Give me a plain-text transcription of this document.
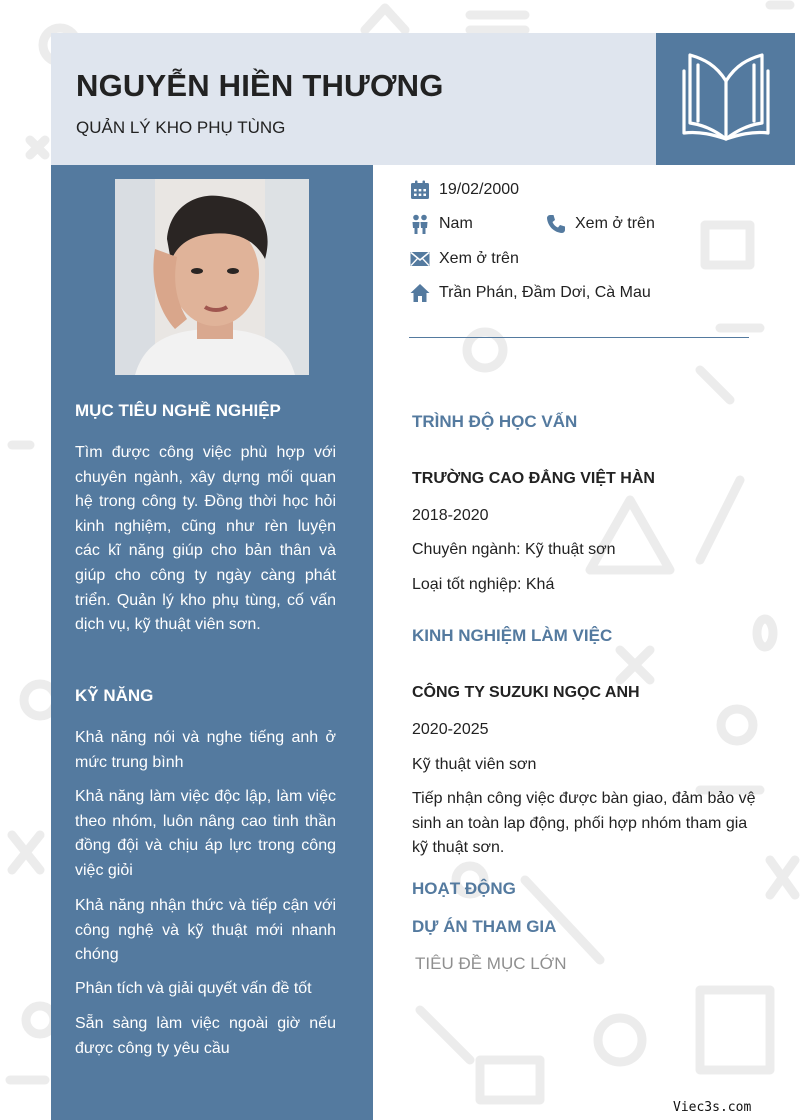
NGUYỄN HIỀN THƯƠNG
QUẢN LÝ KHO PHỤ TÙNG
MỤC TIÊU NGHỀ NGHIỆP
Tìm được công việc phù hợp với chuyên ngành, xây dựng mối quan hệ trong công ty. Đồng thời học hỏi kinh nghiệm, cũng như rèn luyện các kĩ năng giúp cho bản thân và giúp cho công ty ngày càng phát triển. Quản lý kho phụ tùng, cố vấn dịch vụ, kỹ thuật viên sơn.
KỸ NĂNG
Khả năng nói và nghe tiếng anh ở mức trung bình
Khả năng làm việc độc lập, làm việc theo nhóm, luôn nâng cao tinh thần đồng đội và chịu áp lực trong công việc giỏi
Khả năng nhận thức và tiếp cận với công nghệ và kỹ thuật mới nhanh chóng
Phân tích và giải quyết vấn đề tốt
Sẵn sàng làm việc ngoài giờ nếu được công ty yêu cầu
19/02/2000
Nam	Xem ở trên
Xem ở trên
Trần Phán, Đầm Dơi, Cà Mau
TRÌNH ĐỘ HỌC VẤN
TRƯỜNG CAO ĐẲNG VIỆT HÀN
2018-2020
Chuyên ngành: Kỹ thuật sơn
Loại tốt nghiệp: Khá
KINH NGHIỆM LÀM VIỆC
CÔNG TY SUZUKI NGỌC ANH
2020-2025
Kỹ thuật viên sơn
Tiếp nhận công việc được bàn giao, đảm bảo vệ sinh an toàn lap động, phối hợp nhóm tham gia kỹ thuật sơn.
HOẠT ĐỘNG
DỰ ÁN THAM GIA
TIÊU ĐỀ MỤC LỚN
Viec3s.com
